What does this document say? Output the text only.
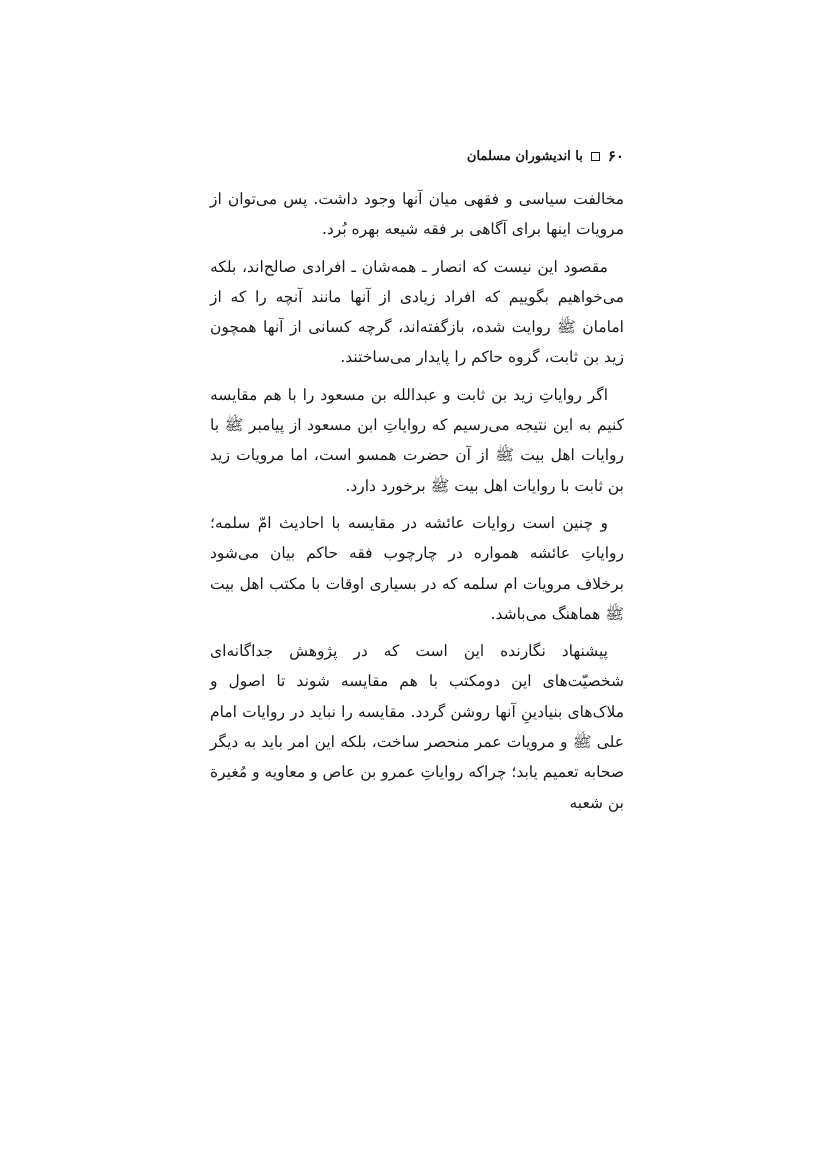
۶۰
با اندیشوران مسلمان

مخالفت سیاسی و فقهی میان آنها وجود داشت. پس می‌توان از مرویات اینها برای آگاهی بر فقه شیعه بهره بُرد.

مقصود این نیست که انصار ـ همه‌شان ـ افرادی صالح‌اند، بلکه می‌خواهیم بگوییم که افراد زیادی از آنها مانند آنچه را که از امامان ﷺ روایت شده، بازگفته‌اند، گرچه کسانی از آنها همچون زید بن ثابت، گروه حاکم را پایدار می‌ساختند.

اگر روایاتِ زید بن ثابت و عبدالله بن مسعود را با هم مقایسه کنیم به این نتیجه می‌رسیم که روایاتِ ابن مسعود از پیامبر ﷺ با روایات اهل بیت ﷺ از آن حضرت همسو است، اما مرویات زید بن ثابت با روایات اهل بیت ﷺ برخورد دارد.

و چنین است روایات عائشه در مقایسه با احادیث امّ سلمه؛ روایاتِ عائشه همواره در چارچوب فقه حاکم بیان می‌شود برخلاف مرویات ام سلمه که در بسیاری اوقات با مکتب اهل بیت ﷺ هماهنگ می‌باشد.

پیشنهاد نگارنده این است که در پژوهش جداگانه‌ای شخصیّت‌های این دومکتب با هم مقایسه شوند تا اصول و ملاک‌های بنیادینِ آنها روشن گردد. مقایسه را نباید در روایات امام علی ﷺ و مرویات عمر منحصر ساخت، بلکه این امر باید به دیگر صحابه تعمیم یابد؛ چراکه روایاتِ عمرو بن عاص و معاویه و مُغیرة بن شعبه
